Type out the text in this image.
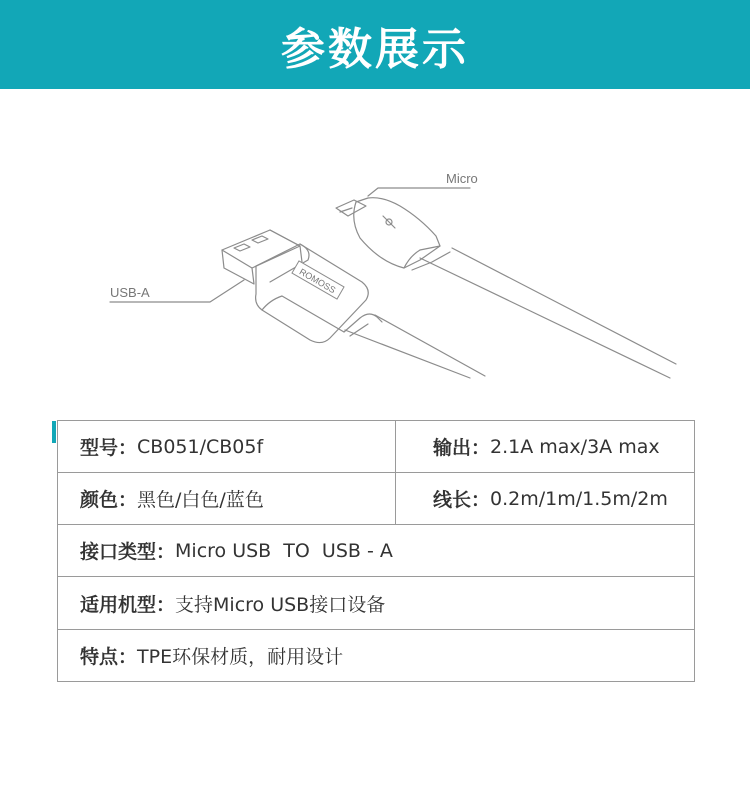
参数展示
ROMOSS
Micro
USB-A
型号： CB051/CB05f	输出： 2.1A max/3A max
颜色： 黑色/白色/蓝色	线长： 0.2m/1m/1.5m/2m
接口类型： Micro USB  TO  USB - A
适用机型： 支持Micro USB接口设备
特点： TPE环保材质，耐用设计
